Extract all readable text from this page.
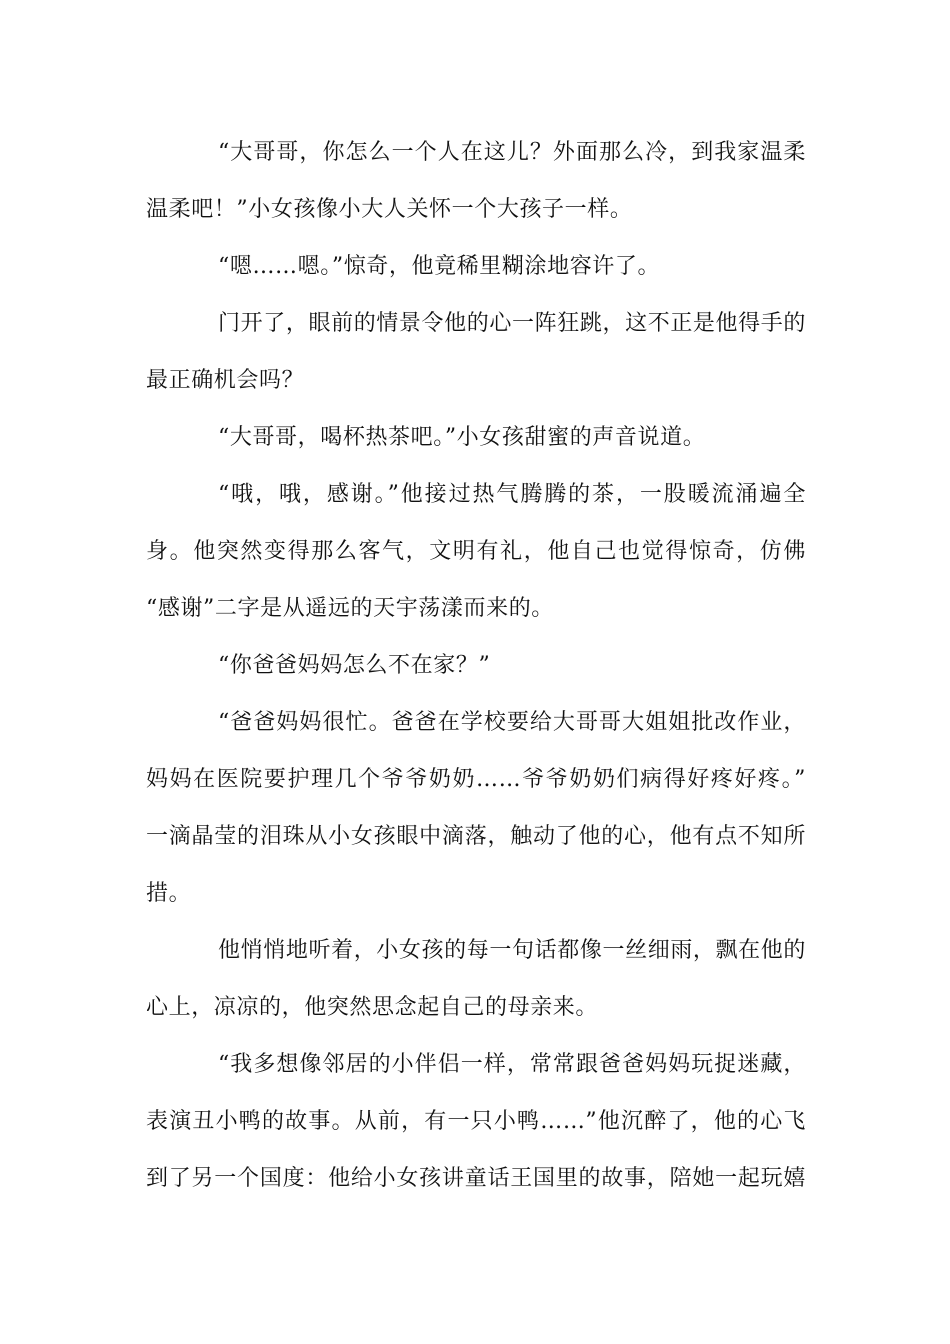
“大哥哥，你怎么一个人在这儿？外面那么冷，到我家温柔
温柔吧！”小女孩像小大人关怀一个大孩子一样。
“嗯……嗯。”惊奇，他竟稀里糊涂地容许了。
门开了，眼前的情景令他的心一阵狂跳，这不正是他得手的
最正确机会吗？
“大哥哥，喝杯热茶吧。”小女孩甜蜜的声音说道。
“哦，哦，感谢。”他接过热气腾腾的茶，一股暖流涌遍全
身。他突然变得那么客气，文明有礼，他自己也觉得惊奇，仿佛
“感谢”二字是从遥远的天宇荡漾而来的。
“你爸爸妈妈怎么不在家？”
“爸爸妈妈很忙。爸爸在学校要给大哥哥大姐姐批改作业，
妈妈在医院要护理几个爷爷奶奶……爷爷奶奶们病得好疼好疼。”
一滴晶莹的泪珠从小女孩眼中滴落，触动了他的心，他有点不知所
措。
他悄悄地听着，小女孩的每一句话都像一丝细雨，飘在他的
心上，凉凉的，他突然思念起自己的母亲来。
“我多想像邻居的小伴侣一样，常常跟爸爸妈妈玩捉迷藏，
表演丑小鸭的故事。从前，有一只小鸭……”他沉醉了，他的心飞
到了另一个国度：他给小女孩讲童话王国里的故事，陪她一起玩嬉
